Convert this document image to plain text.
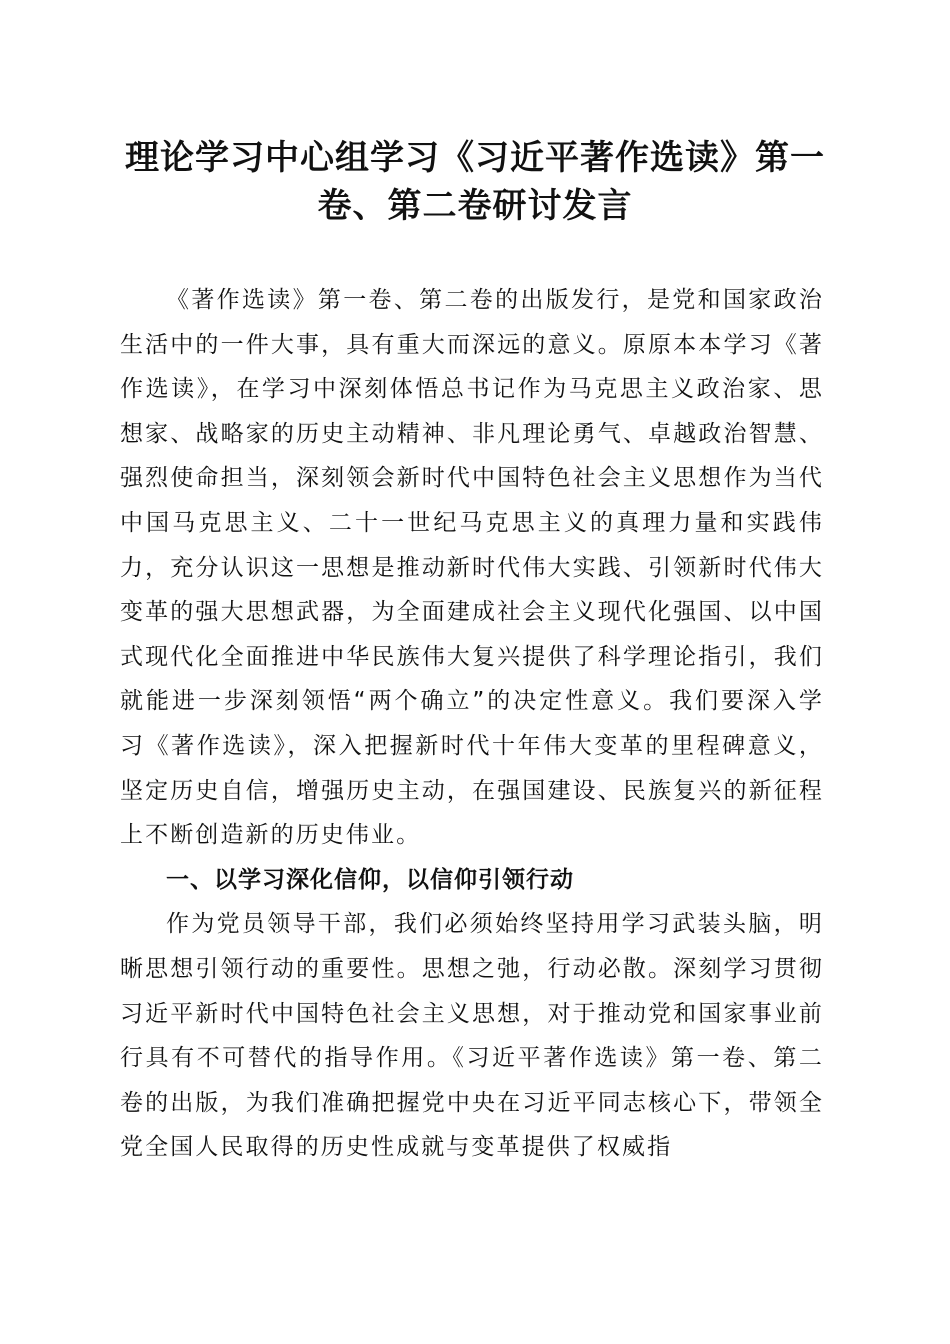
理论学习中心组学习《习近平著作选读》第一卷、第二卷研讨发言

《著作选读》第一卷、第二卷的出版发行，是党和国家政治生活中的一件大事，具有重大而深远的意义。原原本本学习《著作选读》，在学习中深刻体悟总书记作为马克思主义政治家、思想家、战略家的历史主动精神、非凡理论勇气、卓越政治智慧、强烈使命担当，深刻领会新时代中国特色社会主义思想作为当代中国马克思主义、二十一世纪马克思主义的真理力量和实践伟力，充分认识这一思想是推动新时代伟大实践、引领新时代伟大变革的强大思想武器，为全面建成社会主义现代化强国、以中国式现代化全面推进中华民族伟大复兴提供了科学理论指引，我们就能进一步深刻领悟“两个确立”的决定性意义。我们要深入学习《著作选读》，深入把握新时代十年伟大变革的里程碑意义，坚定历史自信，增强历史主动，在强国建设、民族复兴的新征程上不断创造新的历史伟业。

一、以学习深化信仰，以信仰引领行动

作为党员领导干部，我们必须始终坚持用学习武装头脑，明晰思想引领行动的重要性。思想之弛，行动必散。深刻学习贯彻习近平新时代中国特色社会主义思想，对于推动党和国家事业前行具有不可替代的指导作用。《习近平著作选读》第一卷、第二卷的出版，为我们准确把握党中央在习近平同志核心下，带领全党全国人民取得的历史性成就与变革提供了权威指
